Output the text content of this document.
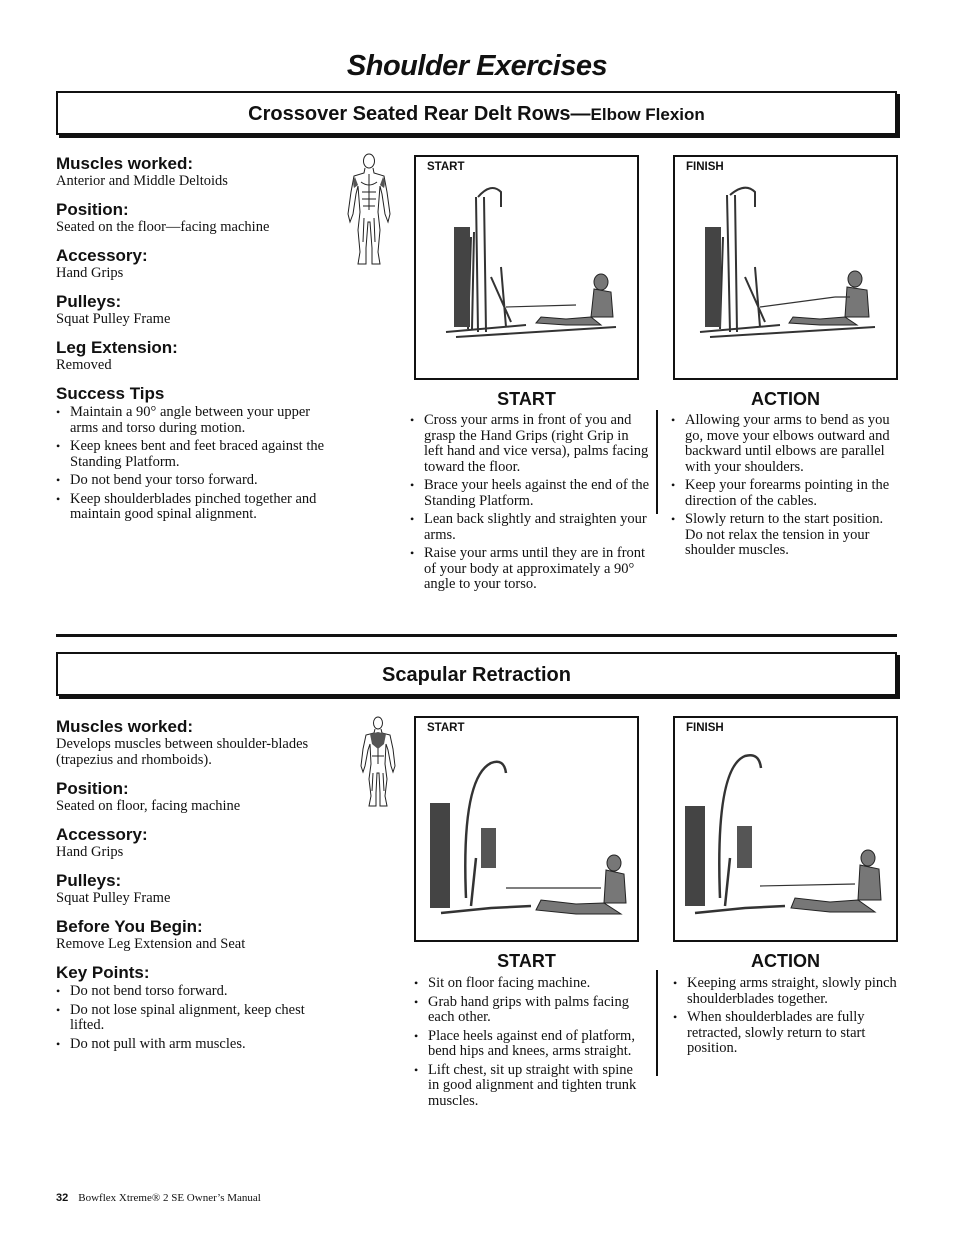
Shoulder Exercises
Crossover Seated Rear Delt Rows—Elbow Flexion

Muscles worked:

Anterior and Middle Deltoids

Position:

Seated on the floor—facing machine

Accessory:

Hand Grips

Pulleys:

Squat Pulley Frame

Leg Extension:

Removed

Success Tips

• Maintain a 90° angle between your upper arms and torso during motion.
• Keep knees bent and feet braced against the Standing Platform.
• Do not bend your torso forward.
• Keep shoulderblades pinched together and maintain good spinal alignment.
START	FINISH
START
• Cross your arms in front of you and grasp the Hand Grips (right Grip in left hand and vice versa), palms facing toward the floor.
• Brace your heels against the end of the Standing Platform.
• Lean back slightly and straighten your arms.
• Raise your arms until they are in front of your body at approximately a 90° angle to your torso.
ACTION
• Allowing your arms to bend as you go, move your elbows outward and backward until elbows are parallel with your shoulders.
• Keep your forearms pointing in the direction of the cables.
• Slowly return to the start position. Do not relax the tension in your shoulder muscles.
Scapular Retraction

Muscles worked:

Develops muscles between shoulder-blades (trapezius and rhomboids).

Position:

Seated on floor, facing machine

Accessory:

Hand Grips

Pulleys:

Squat Pulley Frame

Before You Begin:

Remove Leg Extension and Seat

Key Points:

• Do not bend torso forward.
• Do not lose spinal alignment, keep chest lifted.
• Do not pull with arm muscles.
START	FINISH
START
• Sit on floor facing machine.
• Grab hand grips with palms facing each other.
• Place heels against end of platform, bend hips and knees, arms straight.
• Lift chest, sit up straight with spine in good alignment and tighten trunk muscles.
ACTION
• Keeping arms straight, slowly pinch shoulderblades together.
• When shoulderblades are fully retracted, slowly return to start position.
32 Bowflex Xtreme® 2 SE Owner’s Manual
